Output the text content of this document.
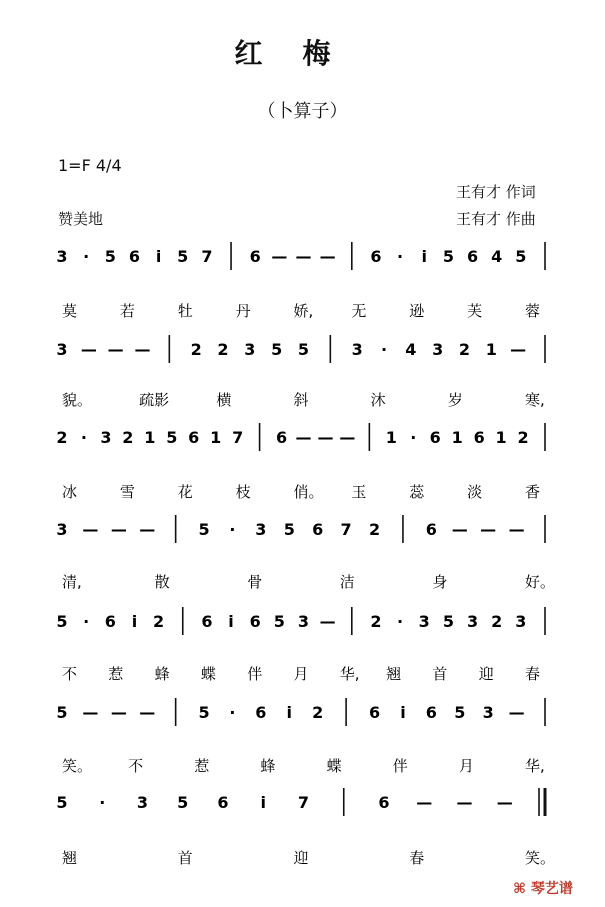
红梅
（卜算子）
1=F 4/4
王有才 作词
王有才 作曲
赞美地
3 · 5 6 i 5 7 6 — — — 6 · i 5 6 4 5
莫	若	牡	丹	娇,	无	逊	芙	蓉
3 — — —	2 2 3 5 5	3 · 4 3 2 1 —
貌。	疏影	横	斜	沐	岁	寒,
2 · 3 2 1 5 6 1 7 6 — — — 1 · 6 1 6 1 2
冰	雪	花	枝	俏。 玉	蕊	淡	香
3 — — —	5 · 3 5 6 7 2	6 — — —
清,	散	骨	洁	身	好。
5 · 6 i 2 6 i 6 5 3 — 2 · 3 5 3 2 3
不 惹 蜂 蝶 伴 月 华, 翘 首 迎 春
5 — — —	5 · 6 i 2	6 i 6 5 3 —
笑。 不	惹	蜂	蝶	伴	月	华,
5 · 3 5 6 i 7	6 — — —
翘	首	迎	春	笑。
⌘ 琴艺谱
